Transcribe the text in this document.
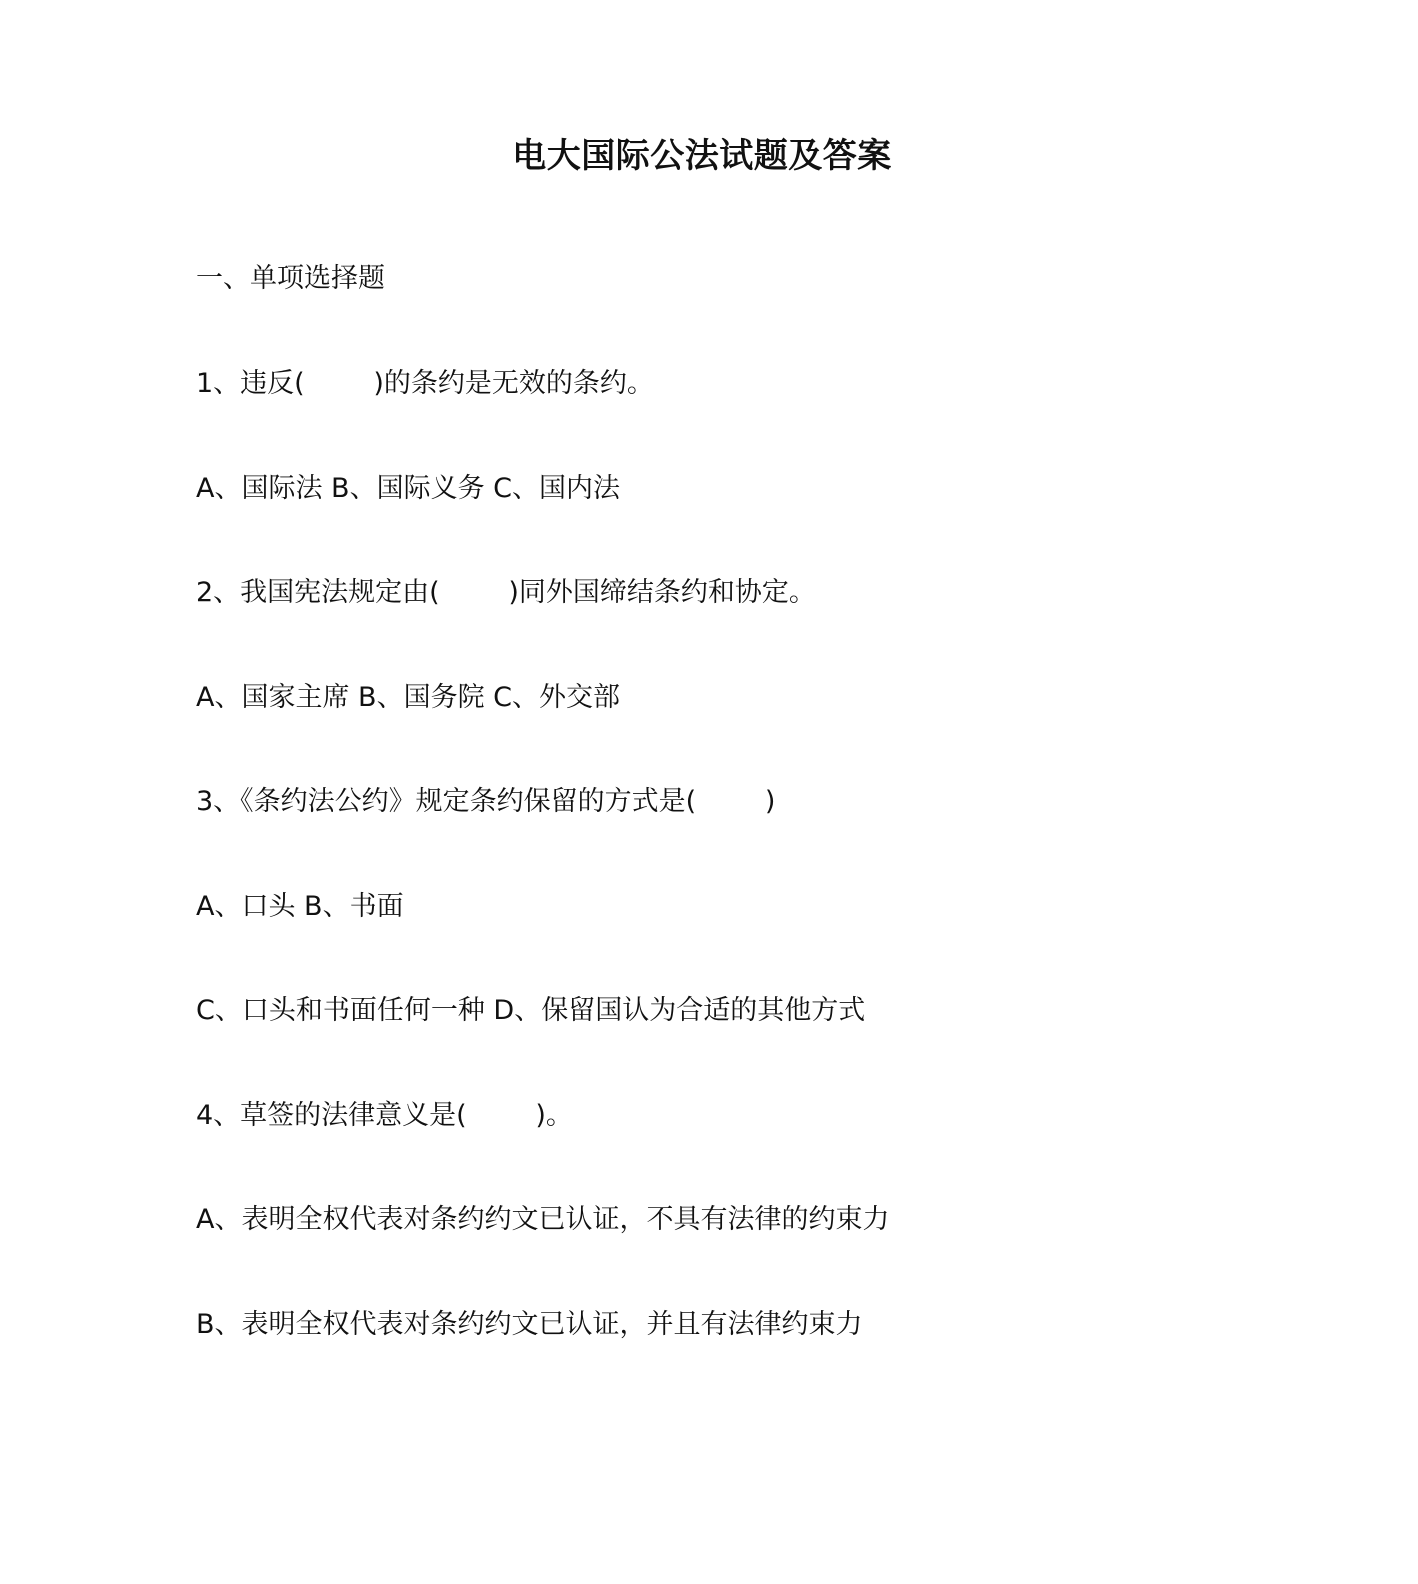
电大国际公法试题及答案

一、单项选择题

1、违反(        )的条约是无效的条约。

A、国际法 B、国际义务 C、国内法

2、我国宪法规定由(        )同外国缔结条约和协定。

A、国家主席 B、国务院 C、外交部

3、《条约法公约》规定条约保留的方式是(        )

A、口头 B、书面

C、口头和书面任何一种 D、保留国认为合适的其他方式

4、草签的法律意义是(        )。

A、表明全权代表对条约约文已认证，不具有法律的约束力

B、表明全权代表对条约约文已认证，并且有法律约束力
